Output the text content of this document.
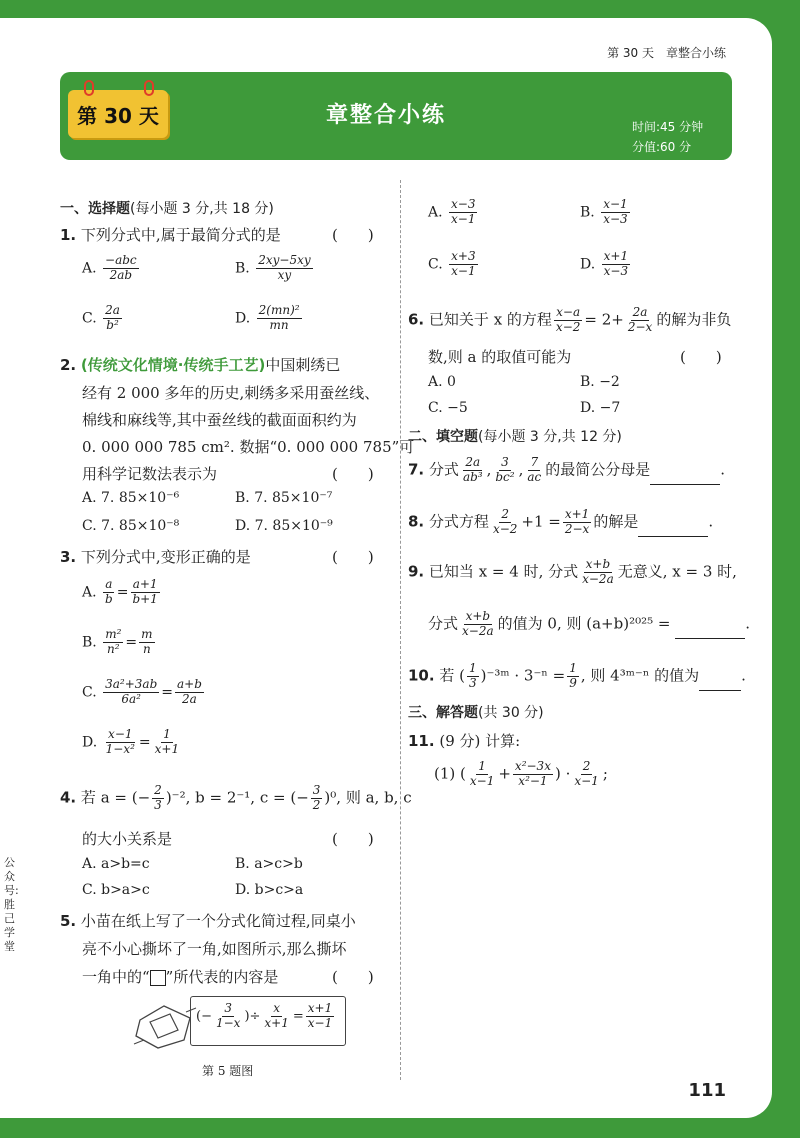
第 30 天　章整合小练
第 30 天	章整合小练	时间:45 分钟
分值:60 分
公众号:胜己学堂
一、选择题(每小题 3 分,共 18 分)
1. 下列分式中,属于最简分式的是	(　　)
A. $\frac{\text{−abc}}{2ab}$	B. $\frac{2xy-5xy}{xy}$
C. $\frac{2a}{\text{b²}}$	D. $\frac{\text{2(mn)²}}{mn}$
2. (传统文化情境·传统手工艺)中国刺绣已
经有 2 000 多年的历史,刺绣多采用蚕丝线、
棉线和麻线等,其中蚕丝线的截面面积约为
0. 000 000 785 cm². 数据“0. 000 000 785”可
用科学记数法表示为	(　　)
A. 7. 85×10⁻⁶	B. 7. 85×10⁻⁷
C. 7. 85×10⁻⁸	D. 7. 85×10⁻⁹
3. 下列分式中,变形正确的是	(　　)
A. $\frac{a}{b} = \frac{a+1}{b+1}$
B. $\frac{\text{m²}}{\text{n²}} = \frac{m}{n}$
C. $\frac{\text{3a²+3ab}}{\text{6a²}} = \frac{a+b}{2a}$
D. $\frac{x-1}{\text{1−x²}} = \frac{1}{x+1}$
4. 若 a = (− $\frac{2}{3} )^{-2}$, b = 2⁻¹, c = (− $\frac{3}{2} )^0$, 则 a, b, c
的大小关系是	(　　)
A. a>b=c	B. a>c>b
C. b>a>c	D. b>c>a
5. 小苗在纸上写了一个分式化简过程,同桌小
亮不小心撕坏了一角,如图所示,那么撕坏
一角中的“ ”所代表的内容是	(　　)
(− $\frac{3}{1-x}$ )÷ $\frac{x}{x+1} = \frac{x+1}{x-1}$
第 5 题图
A. $\frac{x-3}{x-1}$	B. $\frac{x-1}{x-3}$
C. $\frac{x+3}{x-1}$	D. $\frac{x+1}{x-3}$
6. 已知关于 x 的方程 $\frac{x-a}{x-2} = 2+ \frac{2a}{2-x}$ 的解为非负
数,则 a 的取值可能为	(　　)
A. 0	B. −2
C. −5	D. −7
二、填空题(每小题 3 分,共 12 分)
7. 分式 $\frac{2a}{\text{ab³}}$ , $\frac{3}{\text{bc²}}$ , $\frac{7}{ac}$ 的最简公分母是	.
8. 分式方程 $\frac{2}{x-2} +1 = \frac{x+1}{2-x}$ 的解是	.
9. 已知当 x = 4 时, 分式 $\frac{x+b}{x-2a}$ 无意义, x = 3 时,
分式 $\frac{x+b}{x-2a}$ 的值为 0, 则 (a+b)²⁰²⁵ =	.
10. 若 ( $\frac{1}{3}$ )⁻³ᵐ · $3^{-n} = \frac{1}{9}$ , 则 4³ᵐ⁻ⁿ 的值为	.
三、解答题(共 30 分)
11. (9 分) 计算:
(1) ( $\frac{1}{x-1} + \frac{\text{x²−3x}}{\text{x²−1}}$ ) · $\frac{2}{x-1}$ ;
111
